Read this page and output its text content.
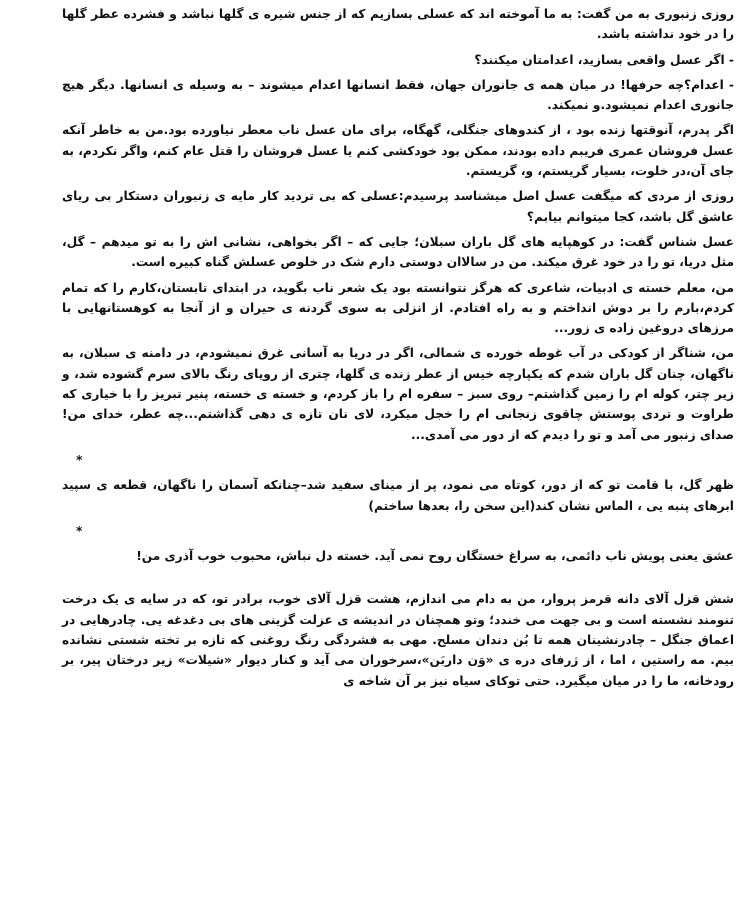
روزی زنبوری به من گفت: به ما آموخته اند که عسلی بسازیم که از جنس شیره ی گلها نباشد و فشرده عطر گلها را در خود نداشته باشد.

- اگر عسل واقعی بسازید، اعدامتان میکنند؟

- اعدام؟چه حرفها! در میان همه ی جانوران جهان، فقط انسانها اعدام میشوند – به وسیله ی انسانها. دیگر هیچ جانوری اعدام نمیشود.و نمیکند.

اگر پدرم، آنوقتها زنده بود ، از کندوهای جنگلی، گهگاه، برای مان عسل ناب معطر نیاورده بود.من به خاطر آنکه عسل فروشان عمری فریبم داده بودند، ممکن بود خودکشی کنم یا عسل فروشان را قتل عام کنم، واگر نکردم، به جای آن،در خلوت، بسیار گریستم، و، گریستم.

روزی از مردی که میگفت عسل اصل میشناسد پرسیدم:عسلی که بی تردید کار مایه ی زنبوران دستکار بی ریای عاشق گل باشد، کجا میتوانم بیابم؟

عسل شناس گفت: در کوهپایه های گل باران سبلان؛ جایی که – اگر بخواهی، نشانی اش را به تو میدهم – گل، مثل دریا، تو را در خود غرق میکند. من در سالاان دوستی دارم شک در خلوص عسلش گناه کبیره است.

من، معلم خسته ی ادبیات، شاعری که هرگز نتوانسته بود یک شعر ناب بگوید، در ابتدای تابستان،کارم را که تمام کردم،بارم را بر دوش انداختم و به راه افتادم. از انزلی به سوی گردنه ی حیران و از آنجا به کوهستانهایی با مرزهای دروغین زاده ی زور...

من، شناگر از کودکی در آب غوطه خورده ی شمالی، اگر در دریا به آسانی غرق نمیشودم، در دامنه ی سبلان، به ناگهان، چنان گل باران شدم که یکپارچه خیس از عطر زنده ی گلها، چتری از رویای رنگ بالای سرم گشوده شد، و زیر چتر، کوله ام را زمین گذاشتم– روی سبز – سفره ام را باز کردم، و خسته ی خسته، پنیر تبریز را با خیاری که طراوت و تردی پوستش چاقوی زنجانی ام را خجل میکرد، لای نان تازه ی دهی گذاشتم...چه عطر، خدای من! صدای زنبور می آمد و تو را دیدم که از دور می آمدی...

*

ظهر گل، با قامت تو که از دور، کوتاه می نمود، پر از مینای سفید شد–چنانکه آسمان را ناگهان، قطعه ی سپید ابرهای پنبه یی ، الماس نشان کند(این سخن را، بعدها ساختم)

*

عشق یعنی پویش ناب دائمی، به سراغ خستگان روح نمی آید. خسته دل نباش، محبوب خوب آذری من!

شش قزل آلای دانه قرمز پروار، من به دام می اندازم، هشت قزل آلای خوب، برادر تو، که در سایه ی یک درخت تنومند نشسته است و بی جهت می خندد؛ وتو همچنان در اندیشه ی عزلت گزینی های بی دغدغه یی. چادرهایی در اعماق جنگل – چادرنشینان همه تا بُن دندان مسلح. مهی به فشردگی رنگ روغنی که تازه بر تخته شستی نشانده بیم. مه راستین ، اما ، از ژرفای دره ی «وَن داربَن»،سرخوران می آید و کنار دیوار «شیلات» زیر درختان پیر، بر رودخانه، ما را در میان میگیرد. حتی توکای سیاه نیز بر آن شاخه ی
